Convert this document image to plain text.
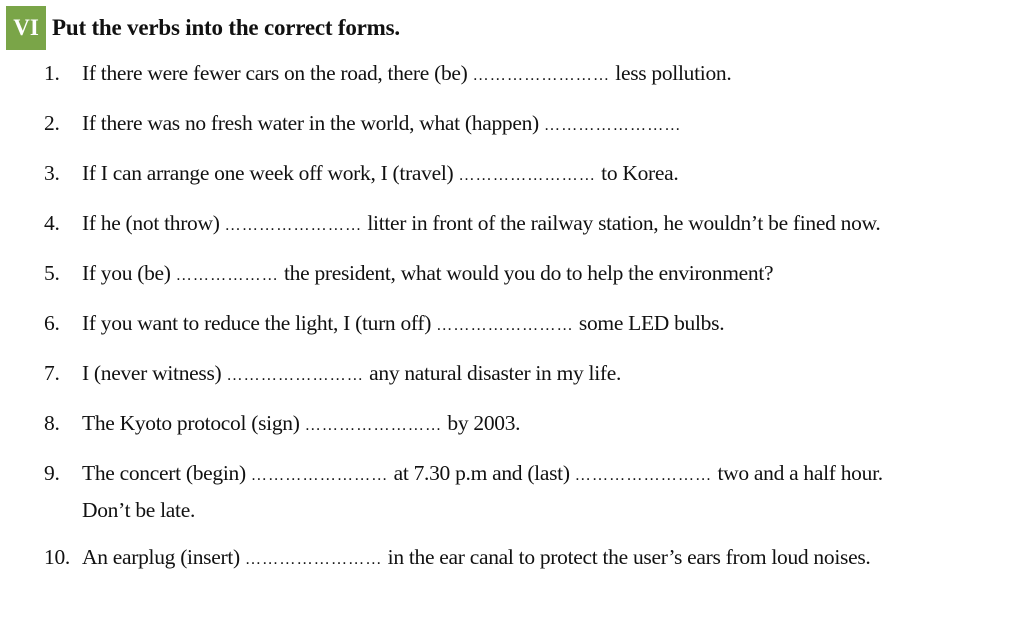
VI Put the verbs into the correct forms.
1. If there were fewer cars on the road, there (be) …………………… less pollution.
2. If there was no fresh water in the world, what (happen) ……………………
3. If I can arrange one week off work, I (travel) …………………… to Korea.
4. If he (not throw) …………………… litter in front of the railway station, he wouldn’t be fined now.
5. If you (be) ……………… the president, what would you do to help the environment?
6. If you want to reduce the light, I (turn off) …………………… some LED bulbs.
7. I (never witness) …………………… any natural disaster in my life.
8. The Kyoto protocol (sign) …………………… by 2003.
9. The concert (begin) …………………… at 7.30 p.m and (last) …………………… two and a half hour. Don’t be late.
10. An earplug (insert) …………………… in the ear canal to protect the user’s ears from loud noises.
